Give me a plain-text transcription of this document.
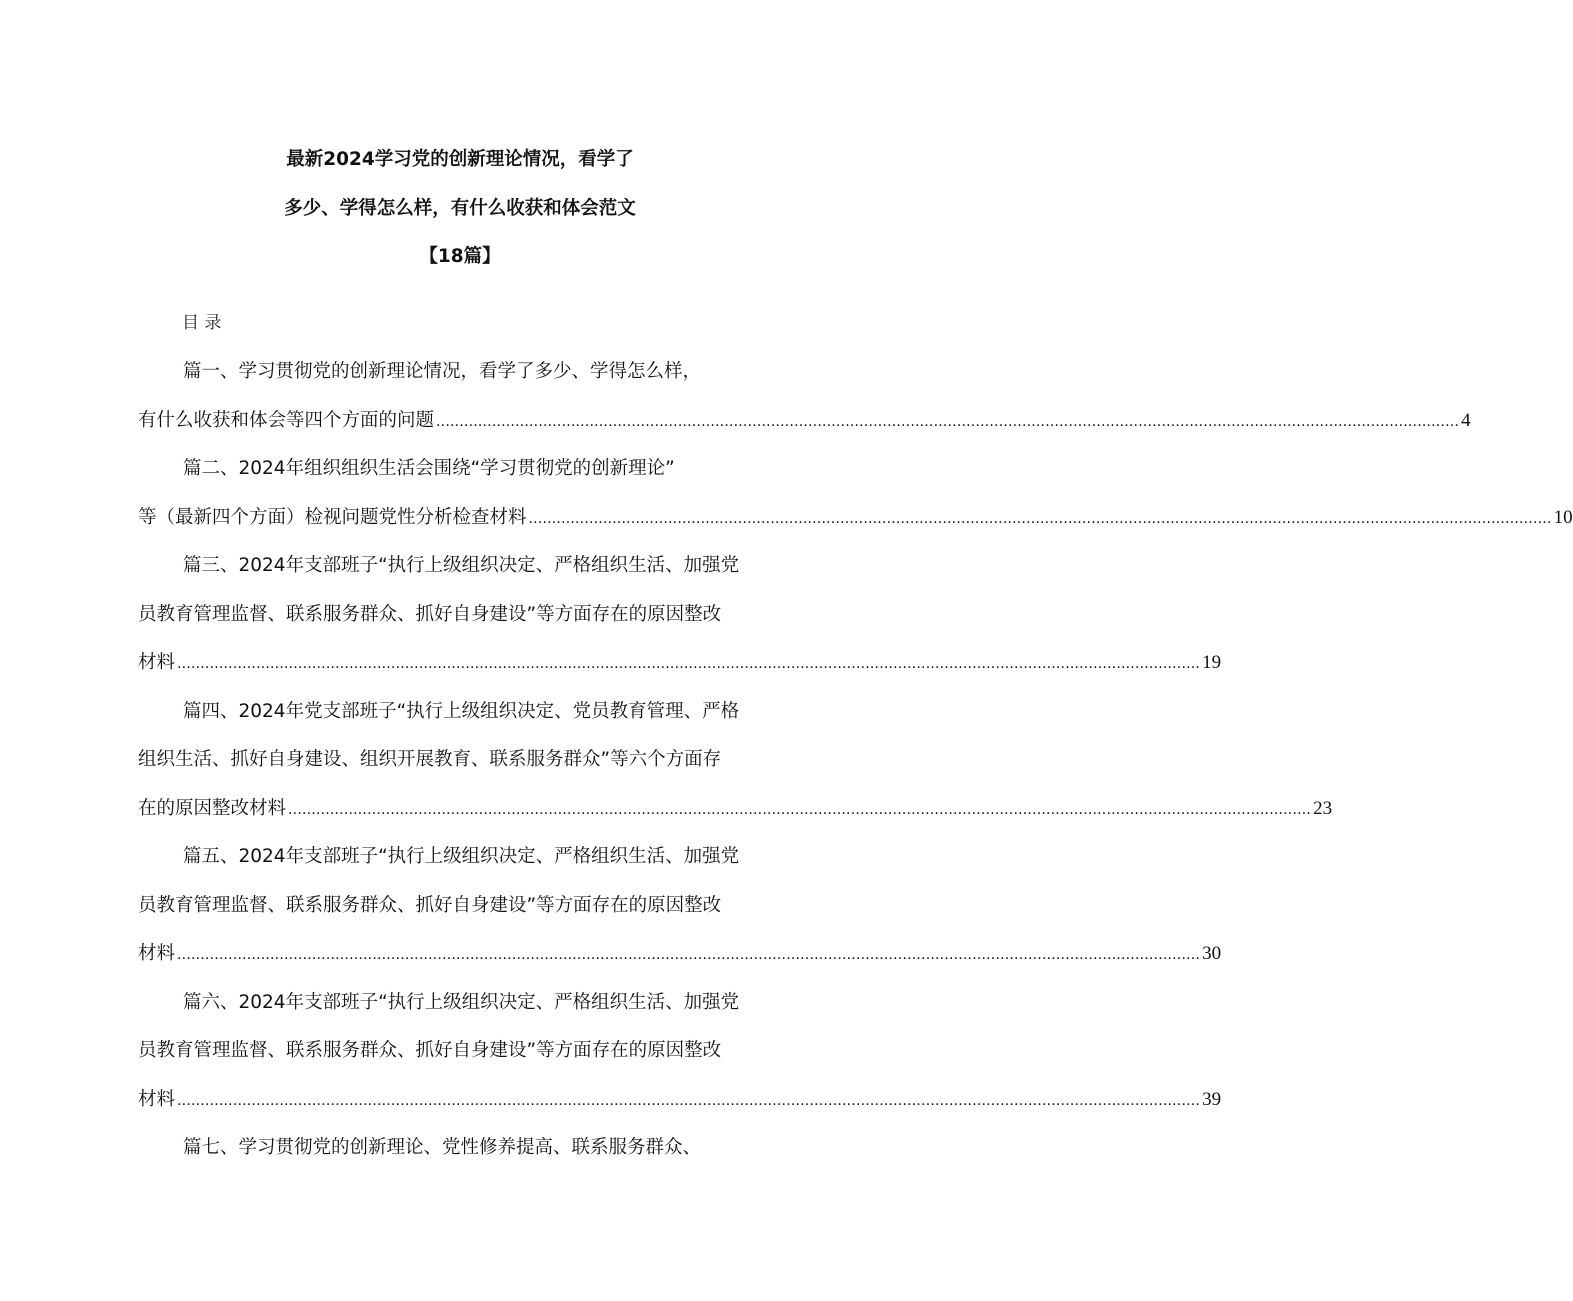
最新2024学习党的创新理论情况，看学了
多少、学得怎么样，有什么收获和体会范文
【18篇】
目 录
篇一、学习贯彻党的创新理论情况，看学了多少、学得怎么样，
有什么收获和体会等四个方面的问题 ............................................................................................................................................................................................................................ 4
篇二、2024年组织组织生活会围绕“学习贯彻党的创新理论”
等（最新四个方面）检视问题党性分析检查材料 ............................................................................................................................................................................................................................ 10
篇三、2024年支部班子“执行上级组织决定、严格组织生活、加强党
员教育管理监督、联系服务群众、抓好自身建设”等方面存在的原因整改
材料 ............................................................................................................................................................................................................................ 19
篇四、2024年党支部班子“执行上级组织决定、党员教育管理、严格
组织生活、抓好自身建设、组织开展教育、联系服务群众”等六个方面存
在的原因整改材料 ............................................................................................................................................................................................................................ 23
篇五、2024年支部班子“执行上级组织决定、严格组织生活、加强党
员教育管理监督、联系服务群众、抓好自身建设”等方面存在的原因整改
材料 ............................................................................................................................................................................................................................ 30
篇六、2024年支部班子“执行上级组织决定、严格组织生活、加强党
员教育管理监督、联系服务群众、抓好自身建设”等方面存在的原因整改
材料 ............................................................................................................................................................................................................................ 39
篇七、学习贯彻党的创新理论、党性修养提高、联系服务群众、
